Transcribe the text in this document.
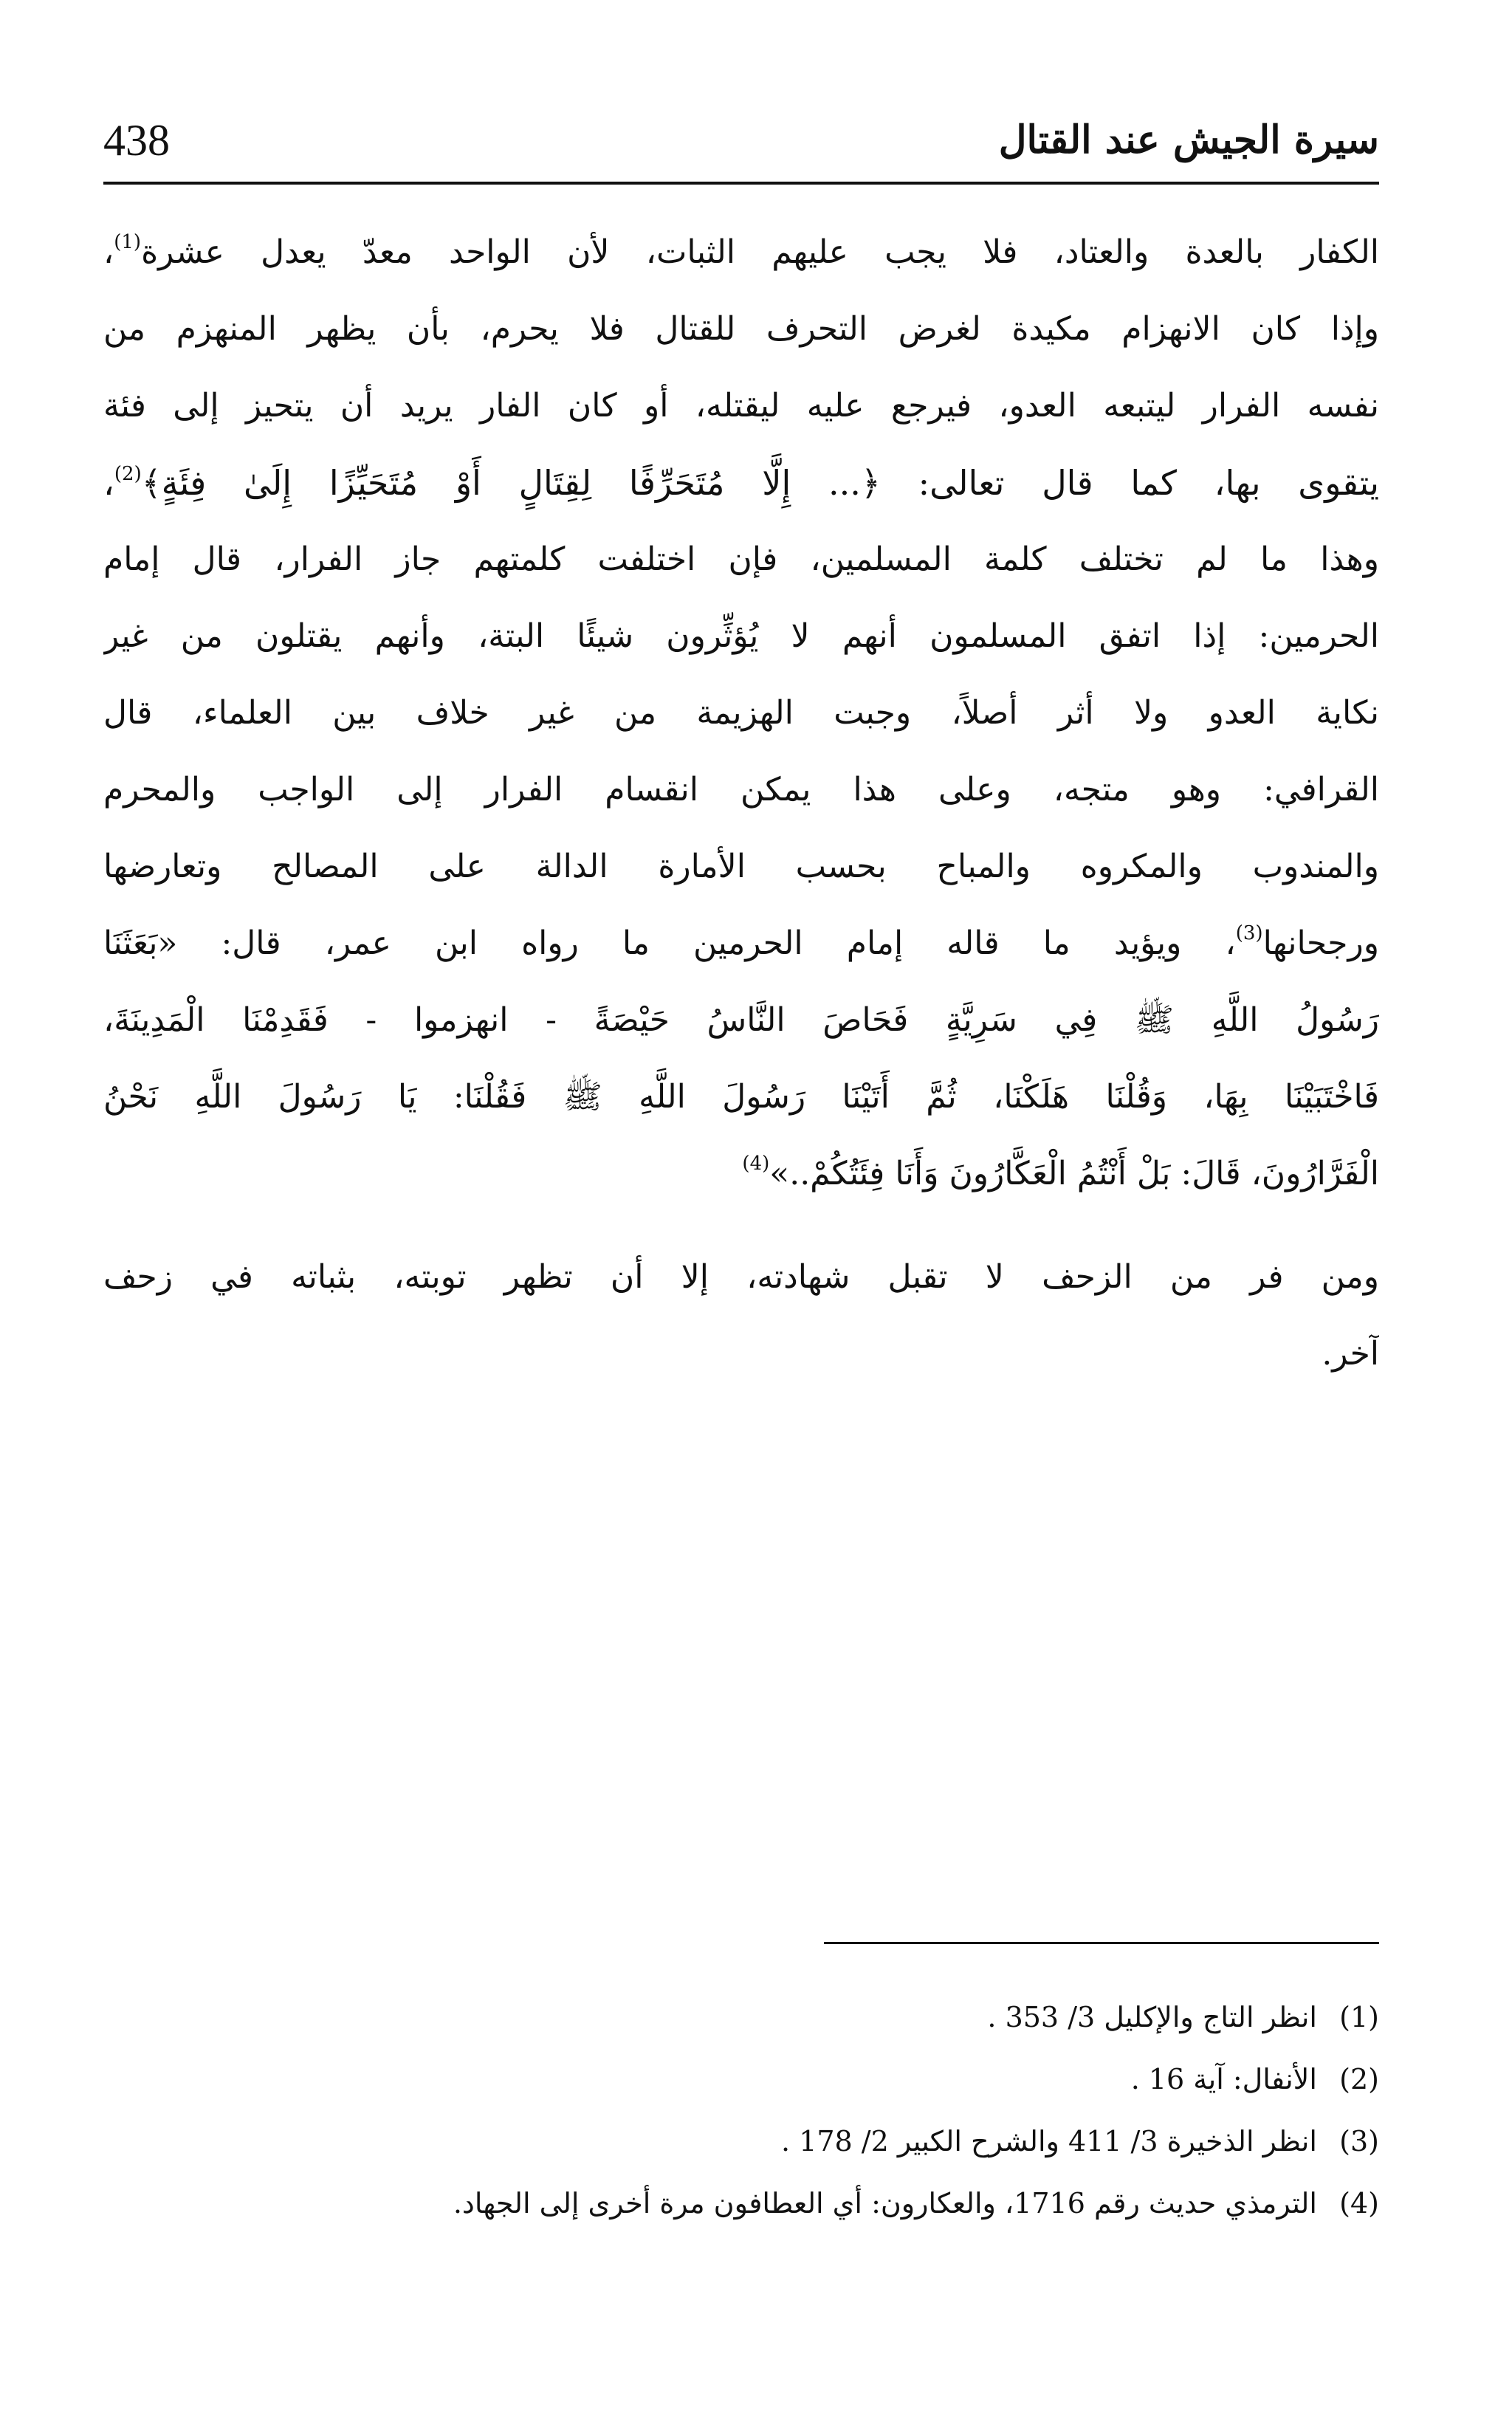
سيرة الجيش عند القتال
438
الكفار بالعدة والعتاد، فلا يجب عليهم الثبات، لأن الواحد معدّ يعدل عشرة$^{(1)}$،
وإذا كان الانهزام مكيدة لغرض التحرف للقتال فلا يحرم، بأن يظهر المنهزم من
نفسه الفرار ليتبعه العدو، فيرجع عليه ليقتله، أو كان الفار يريد أن يتحيز إلى فئة
يتقوى بها، كما قال تعالى: ﴿... إِلَّا مُتَحَرِّفًا لِقِتَالٍ أَوْ مُتَحَيِّزًا إِلَىٰ فِئَةٍ﴾$^{(2)}$،
وهذا ما لم تختلف كلمة المسلمين، فإن اختلفت كلمتهم جاز الفرار، قال إمام
الحرمين: إذا اتفق المسلمون أنهم لا يُؤثِّرون شيئًا البتة، وأنهم يقتلون من غير
نكاية العدو ولا أثر أصلاً، وجبت الهزيمة من غير خلاف بين العلماء، قال
القرافي: وهو متجه، وعلى هذا يمكن انقسام الفرار إلى الواجب والمحرم
والمندوب والمكروه والمباح بحسب الأمارة الدالة على المصالح وتعارضها
ورجحانها$^{(3)}$، ويؤيد ما قاله إمام الحرمين ما رواه ابن عمر، قال: «بَعَثَنَا
رَسُولُ اللَّهِ ﷺ فِي سَرِيَّةٍ فَحَاصَ النَّاسُ حَيْصَةً - انهزموا - فَقَدِمْنَا الْمَدِينَةَ،
فَاخْتَبَيْنَا بِهَا، وَقُلْنَا هَلَكْنَا، ثُمَّ أَتَيْنَا رَسُولَ اللَّهِ ﷺ فَقُلْنَا: يَا رَسُولَ اللَّهِ نَحْنُ
الْفَرَّارُونَ، قَالَ: بَلْ أَنْتُمُ الْعَكَّارُونَ وَأَنَا فِئَتُكُمْ..»$^{(4)}$
ومن فر من الزحف لا تقبل شهادته، إلا أن تظهر توبته، بثباته في زحف
آخر.
(1) انظر التاج والإكليل 3/ 353 .
(2) الأنفال: آية 16 .
(3) انظر الذخيرة 3/ 411 والشرح الكبير 2/ 178 .
(4) الترمذي حديث رقم 1716، والعكارون: أي العطافون مرة أخرى إلى الجهاد.
